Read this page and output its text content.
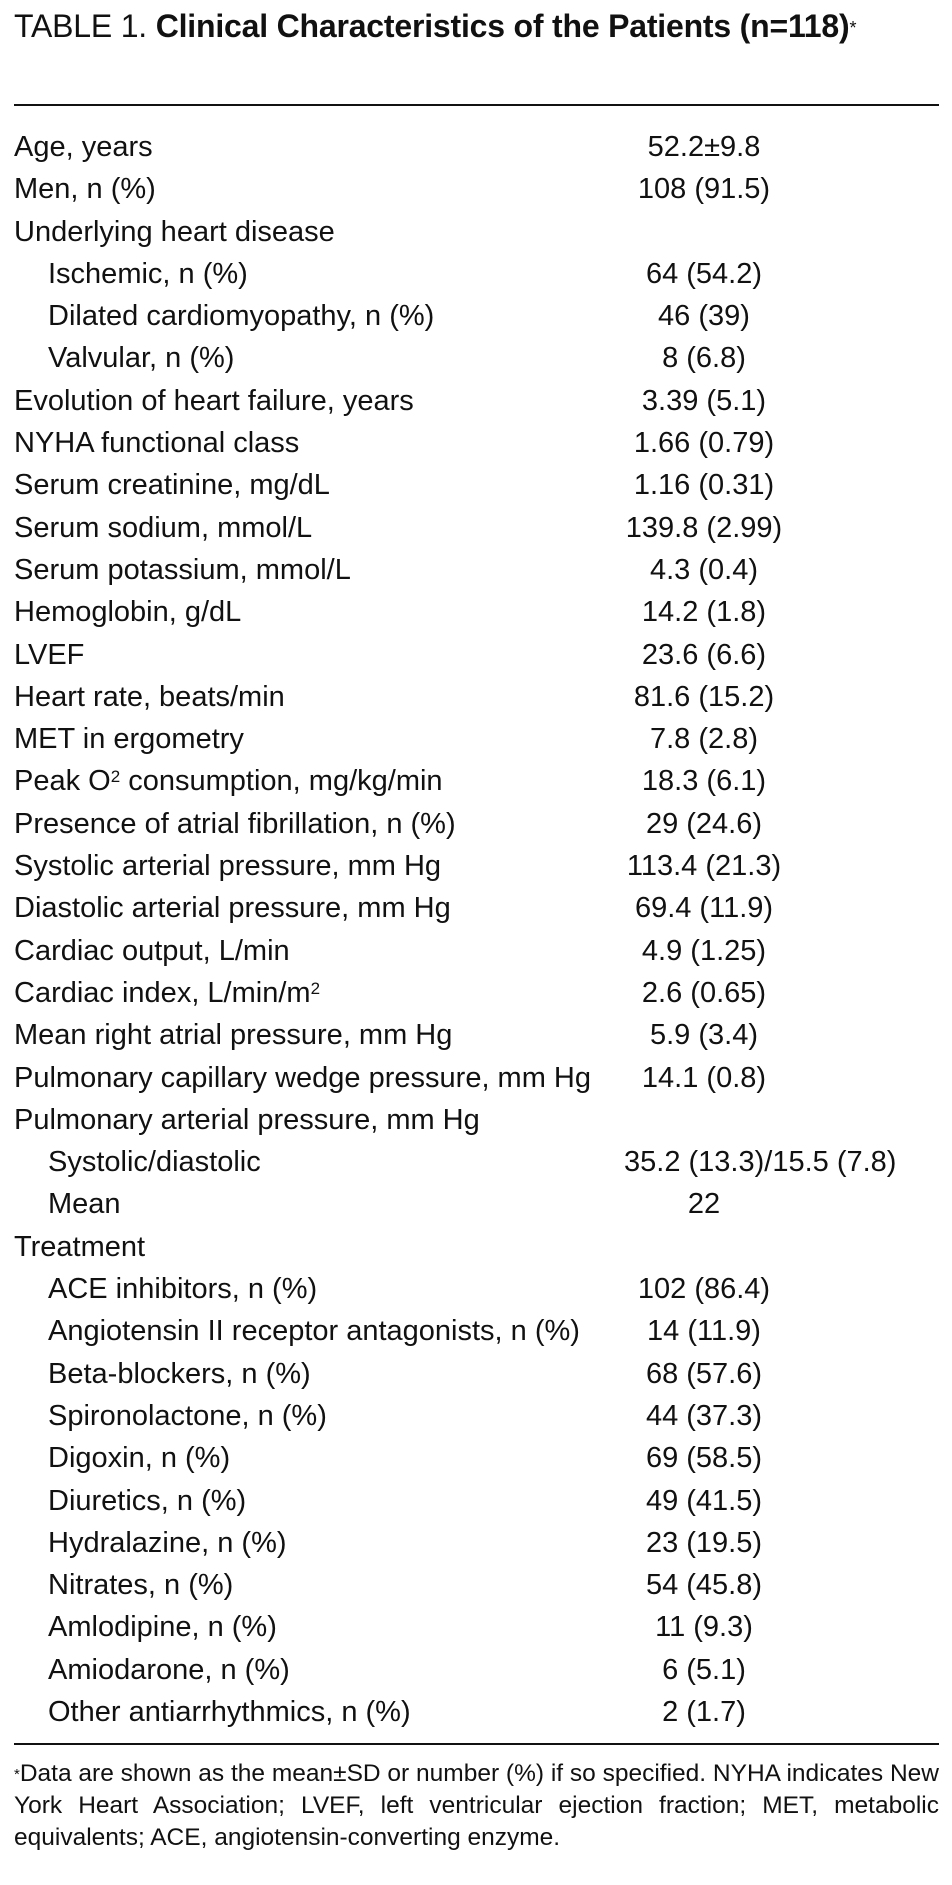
TABLE 1. Clinical Characteristics of the Patients (n=118)*
Age, years	52.2±9.8
Men, n (%)	108 (91.5)
Underlying heart disease
Ischemic, n (%)	64 (54.2)
Dilated cardiomyopathy, n (%)	46 (39)
Valvular, n (%)	8 (6.8)
Evolution of heart failure, years	3.39 (5.1)
NYHA functional class	1.66 (0.79)
Serum creatinine, mg/dL	1.16 (0.31)
Serum sodium, mmol/L	139.8 (2.99)
Serum potassium, mmol/L	4.3 (0.4)
Hemoglobin, g/dL	14.2 (1.8)
LVEF	23.6 (6.6)
Heart rate, beats/min	81.6 (15.2)
MET in ergometry	7.8 (2.8)
Peak $O^2$ consumption, mg/kg/min	18.3 (6.1)
Presence of atrial fibrillation, n (%)	29 (24.6)
Systolic arterial pressure, mm Hg	113.4 (21.3)
Diastolic arterial pressure, mm Hg	69.4 (11.9)
Cardiac output, L/min	4.9 (1.25)
Cardiac index, $L/\min/m^2$	2.6 (0.65)
Mean right atrial pressure, mm Hg	5.9 (3.4)
Pulmonary capillary wedge pressure, mm Hg	14.1 (0.8)
Pulmonary arterial pressure, mm Hg
Systolic/diastolic	35.2 (13.3)/15.5 (7.8)
Mean	22
Treatment
ACE inhibitors, n (%)	102 (86.4)
Angiotensin II receptor antagonists, n (%)	14 (11.9)
Beta-blockers, n (%)	68 (57.6)
Spironolactone, n (%)	44 (37.3)
Digoxin, n (%)	69 (58.5)
Diuretics, n (%)	49 (41.5)
Hydralazine, n (%)	23 (19.5)
Nitrates, n (%)	54 (45.8)
Amlodipine, n (%)	11 (9.3)
Amiodarone, n (%)	6 (5.1)
Other antiarrhythmics, n (%)	2 (1.7)
*Data are shown as the mean±SD or number (%) if so specified. NYHA indicates New York Heart Association; LVEF, left ventricular ejection fraction; MET, metabolic equivalents; ACE, angiotensin-converting enzyme.
